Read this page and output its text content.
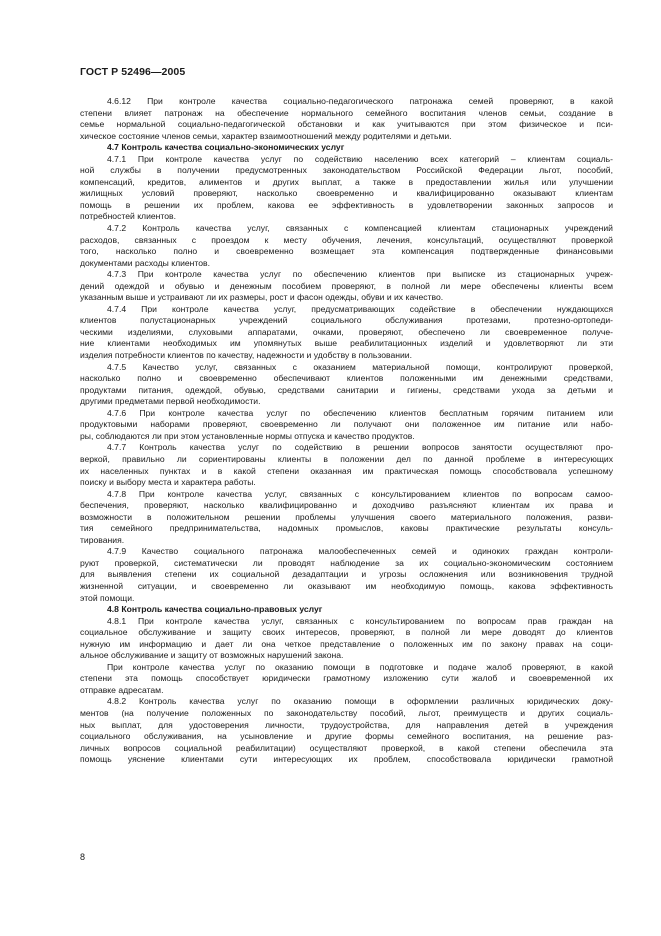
ГОСТ Р 52496—2005
4.6.12 При контроле качества социально-педагогического патронажа семей проверяют, в какой
степени влияет патронаж на обеспечение нормального семейного воспитания членов семьи, создание в
семье нормальной социально-педагогической обстановки и как учитываются при этом физическое и пси-
хическое состояние членов семьи, характер взаимоотношений между родителями и детьми.
4.7 Контроль качества социально-экономических услуг
4.7.1 При контроле качества услуг по содействию населению всех категорий – клиентам социаль-
ной службы в получении предусмотренных законодательством Российской Федерации льгот, пособий,
компенсаций, кредитов, алиментов и других выплат, а также в предоставлении жилья или улучшении
жилищных условий проверяют, насколько своевременно и квалифицированно оказывают клиентам
помощь в решении их проблем, какова ее эффективность в удовлетворении законных запросов и
потребностей клиентов.
4.7.2 Контроль качества услуг, связанных с компенсацией клиентам стационарных учреждений
расходов, связанных с проездом к месту обучения, лечения, консультаций, осуществляют проверкой
того, насколько полно и своевременно возмещает эта компенсация подтвержденные финансовыми
документами расходы клиентов.
4.7.3 При контроле качества услуг по обеспечению клиентов при выписке из стационарных учреж-
дений одеждой и обувью и денежным пособием проверяют, в полной ли мере обеспечены клиенты всем
указанным выше и устраивают ли их размеры, рост и фасон одежды, обуви и их качество.
4.7.4 При контроле качества услуг, предусматривающих содействие в обеспечении нуждающихся
клиентов полустационарных учреждений социального обслуживания протезами, протезно-ортопеди-
ческими изделиями, слуховыми аппаратами, очками, проверяют, обеспечено ли своевременное получе-
ние клиентами необходимых им упомянутых выше реабилитационных изделий и удовлетворяют ли эти
изделия потребности клиентов по качеству, надежности и удобству в пользовании.
4.7.5 Качество услуг, связанных с оказанием материальной помощи, контролируют проверкой,
насколько полно и своевременно обеспечивают клиентов положенными им денежными средствами,
продуктами питания, одеждой, обувью, средствами санитарии и гигиены, средствами ухода за детьми и
другими предметами первой необходимости.
4.7.6 При контроле качества услуг по обеспечению клиентов бесплатным горячим питанием или
продуктовыми наборами проверяют, своевременно ли получают они положенное им питание или набо-
ры, соблюдаются ли при этом установленные нормы отпуска и качество продуктов.
4.7.7 Контроль качества услуг по содействию в решении вопросов занятости осуществляют про-
веркой, правильно ли сориентированы клиенты в положении дел по данной проблеме в интересующих
их населенных пунктах и в какой степени оказанная им практическая помощь способствовала успешному
поиску и выбору места и характера работы.
4.7.8 При контроле качества услуг, связанных с консультированием клиентов по вопросам самоо-
беспечения, проверяют, насколько квалифицированно и доходчиво разъясняют клиентам их права и
возможности в положительном решении проблемы улучшения своего материального положения, разви-
тия семейного предпринимательства, надомных промыслов, каковы практические результаты консуль-
тирования.
4.7.9 Качество социального патронажа малообеспеченных семей и одиноких граждан контроли-
руют проверкой, систематически ли проводят наблюдение за их социально-экономическим состоянием
для выявления степени их социальной дезадаптации и угрозы осложнения или возникновения трудной
жизненной ситуации, и своевременно ли оказывают им необходимую помощь, какова эффективность
этой помощи.
4.8 Контроль качества социально-правовых услуг
4.8.1 При контроле качества услуг, связанных с консультированием по вопросам прав граждан на
социальное обслуживание и защиту своих интересов, проверяют, в полной ли мере доводят до клиентов
нужную им информацию и дает ли она четкое представление о положенных им по закону правах на соци-
альное обслуживание и защиту от возможных нарушений закона.
При контроле качества услуг по оказанию помощи в подготовке и подаче жалоб проверяют, в какой
степени эта помощь способствует юридически грамотному изложению сути жалоб и своевременной их
отправке адресатам.
4.8.2 Контроль качества услуг по оказанию помощи в оформлении различных юридических доку-
ментов (на получение положенных по законодательству пособий, льгот, преимуществ и других социаль-
ных выплат, для удостоверения личности, трудоустройства, для направления детей в учреждения
социального обслуживания, на усыновление и другие формы семейного воспитания, на решение раз-
личных вопросов социальной реабилитации) осуществляют проверкой, в какой степени обеспечила эта
помощь уяснение клиентами сути интересующих их проблем, способствовала юридически грамотной
8
